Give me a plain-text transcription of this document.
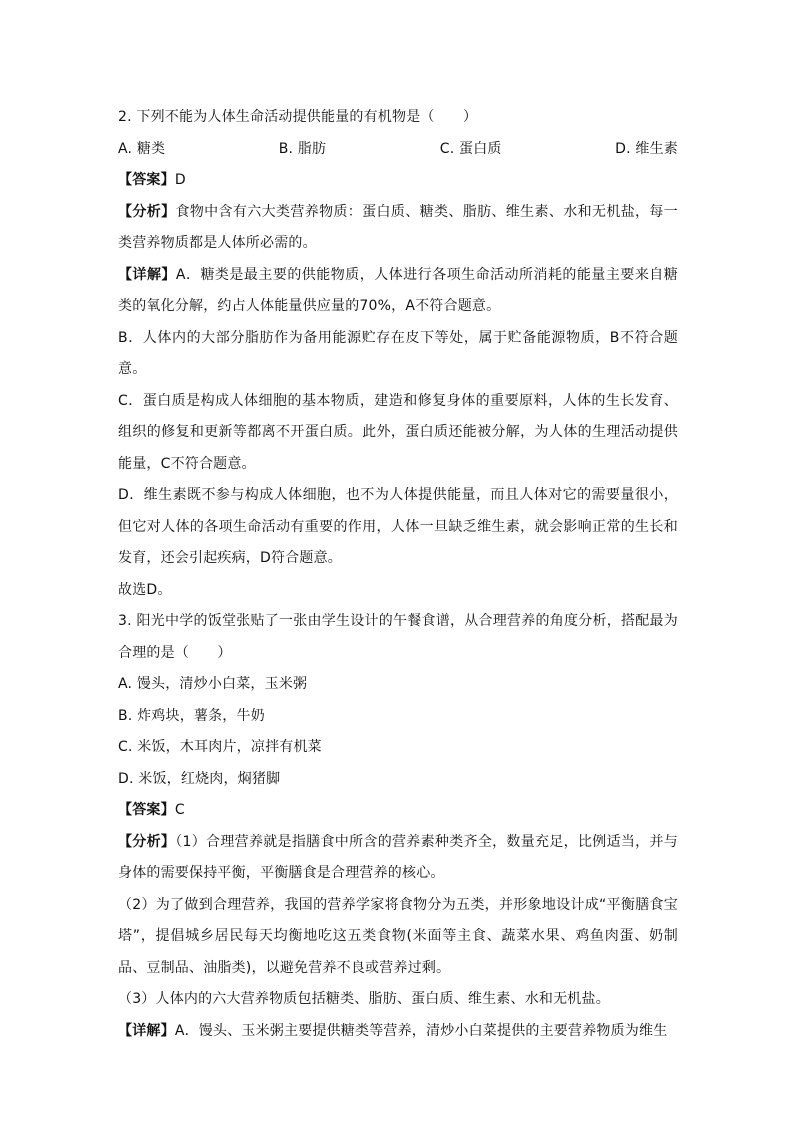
2. 下列不能为人体生命活动提供能量的有机物是（　　）
A. 糖类	B. 脂肪	C. 蛋白质	D. 维生素
【答案】D
【分析】食物中含有六大类营养物质：蛋白质、糖类、脂肪、维生素、水和无机盐，每一类营养物质都是人体所必需的。
【详解】A．糖类是最主要的供能物质，人体进行各项生命活动所消耗的能量主要来自糖类的氧化分解，约占人体能量供应量的70%，A不符合题意。
B．人体内的大部分脂肪作为备用能源贮存在皮下等处，属于贮备能源物质，B不符合题意。
C．蛋白质是构成人体细胞的基本物质，建造和修复身体的重要原料，人体的生长发育、组织的修复和更新等都离不开蛋白质。此外，蛋白质还能被分解，为人体的生理活动提供能量，C不符合题意。
D．维生素既不参与构成人体细胞，也不为人体提供能量，而且人体对它的需要量很小，但它对人体的各项生命活动有重要的作用，人体一旦缺乏维生素，就会影响正常的生长和发育，还会引起疾病，D符合题意。
故选D。
3. 阳光中学的饭堂张贴了一张由学生设计的午餐食谱，从合理营养的角度分析，搭配最为合理的是（　　）
A. 馒头，清炒小白菜，玉米粥
B. 炸鸡块，薯条，牛奶
C. 米饭，木耳肉片，凉拌有机菜
D. 米饭，红烧肉，焖猪脚
【答案】C
【分析】（1）合理营养就是指膳食中所含的营养素种类齐全，数量充足，比例适当，并与身体的需要保持平衡，平衡膳食是合理营养的核心。
（2）为了做到合理营养，我国的营养学家将食物分为五类，并形象地设计成“平衡膳食宝塔”，提倡城乡居民每天均衡地吃这五类食物(米面等主食、蔬菜水果、鸡鱼肉蛋、奶制品、豆制品、油脂类)，以避免营养不良或营养过剩。
（3）人体内的六大营养物质包括糖类、脂肪、蛋白质、维生素、水和无机盐。
【详解】A．馒头、玉米粥主要提供糖类等营养，清炒小白菜提供的主要营养物质为维生
